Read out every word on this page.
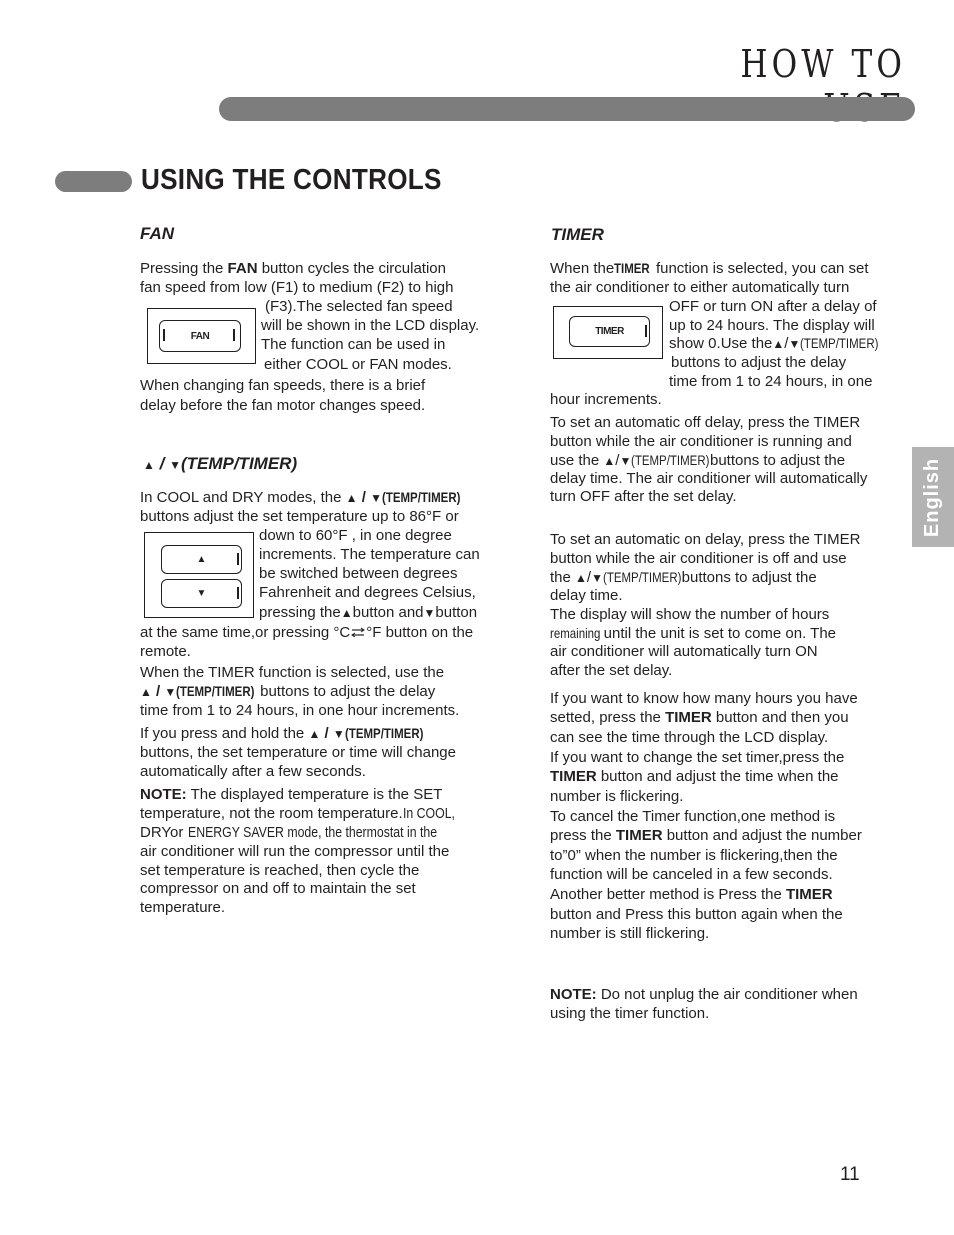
HOW TO
USING THE CONTROLS
FAN
Pressing the FAN button cycles the circulation
fan speed from low (F1) to medium (F2) to high
(F3).The selected fan speed
will be shown in the LCD display.
The function can be used in
either COOL or FAN modes.
When changing fan speeds, there is a brief
delay before the fan motor changes speed.
FAN
▲ / ▼(TEMP/TIMER)
In COOL and DRY modes, the ▲ / ▼(TEMP/TIMER)
buttons adjust the set temperature up to 86°F or
down to 60°F , in one degree
increments. The temperature can
be switched between degrees
Fahrenheit and degrees Celsius,
pressing the▲button and▼button
at the same time,or pressing °C °F button on the
remote.
When the TIMER function is selected, use the
▲ / ▼(TEMP/TIMER) buttons to adjust the delay
time from 1 to 24 hours, in one hour increments.
If you press and hold the ▲ / ▼(TEMP/TIMER)
buttons, the set temperature or time will change
automatically after a few seconds.
NOTE: The displayed temperature is the SET
temperature, not the room temperature.In COOL,
DRYor ENERGY SAVER mode, the thermostat in the
air conditioner will run the compressor until the
set temperature is reached, then cycle the
compressor on and off to maintain the set
temperature.
▲
▼
TIMER
When theTIMER function is selected, you can set
the air conditioner to either automatically turn
OFF or turn ON after a delay of
up to 24 hours. The display will
show 0.Use the▲/▼(TEMP/TIMER)
buttons to adjust the delay
time from 1 to 24 hours, in one
hour increments.
TIMER
To set an automatic off delay, press the TIMER
button while the air conditioner is running and
use the ▲/▼(TEMP/TIMER)buttons to adjust the
delay time. The air conditioner will automatically
turn OFF after the set delay.
To set an automatic on delay, press the TIMER
button while the air conditioner is off and use
the ▲/▼(TEMP/TIMER)buttons to adjust the
delay time.
The display will show the number of hours
remaining until the unit is set to come on. The
air conditioner will automatically turn ON
after the set delay.
If you want to know how many hours you have
setted, press the TIMER button and then you
can see the time through the LCD display.
If you want to change the set timer,press the
TIMER button and adjust the time when the
number is flickering.
To cancel the Timer function,one method is
press the TIMER button and adjust the number
to”0” when the number is flickering,then the
function will be canceled in a few seconds.
Another better method is Press the TIMER
button and Press this button again when the
number is still flickering.
NOTE: Do not unplug the air conditioner when
using the timer function.
English
11
